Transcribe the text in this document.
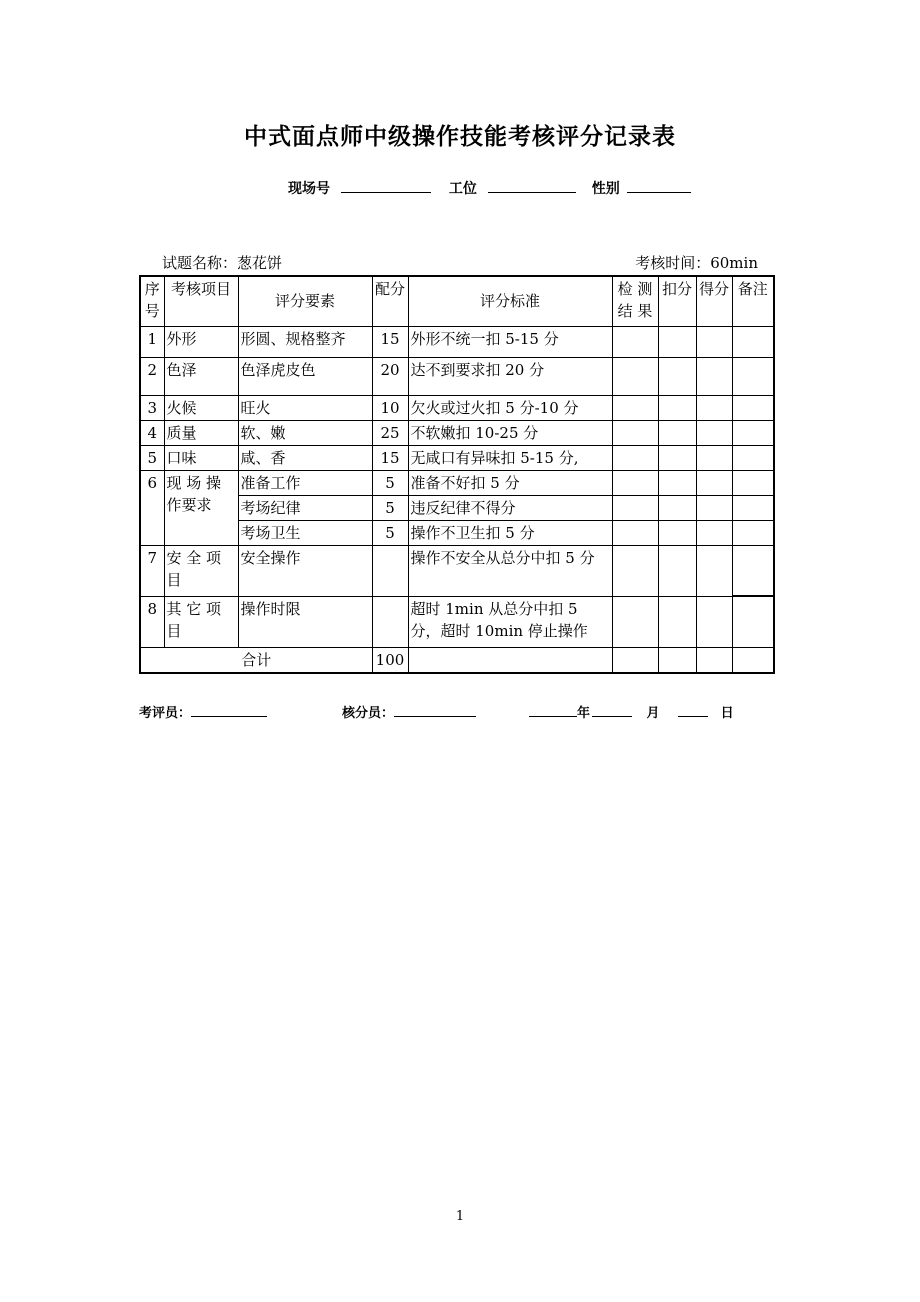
中式面点师中级操作技能考核评分记录表
现场号	工位	性别
试题名称：葱花饼	考核时间：60min
序号	考核项目	评分要素	配分	评分标准	检 测结 果	扣分	得分	备注
1	外形	形圆、规格整齐	15	外形不统一扣 5-15 分				
2	色泽	色泽虎皮色	20	达不到要求扣 20 分				
3	火候	旺火	10	欠火或过火扣 5 分-10 分				
4	质量	软、嫩	25	不软嫩扣 10-25 分				
5	口味	咸、香	15	无咸口有异味扣 5-15 分,				
6	现 场 操作要求	准备工作	5	准备不好扣 5 分				
		考场纪律	5	违反纪律不得分				
		考场卫生	5	操作不卫生扣 5 分				
7	安 全 项目	安全操作		操作不安全从总分中扣 5 分				
8	其 它 项目	操作时限		超时 1min 从总分中扣 5 分，超时 10min 停止操作				
合计			100					
考评员：	核分员：	年	月	日
1
